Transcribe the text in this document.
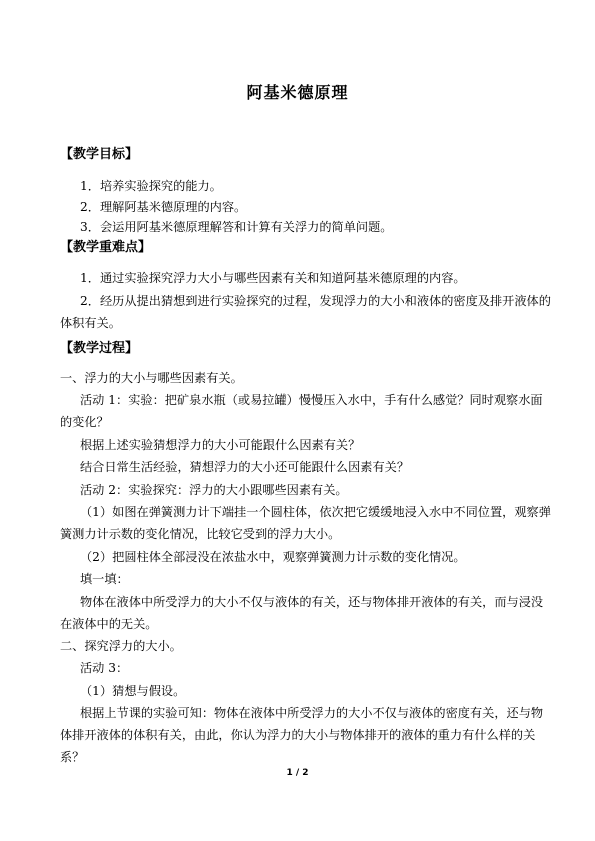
阿基米德原理
【教学目标】
1．培养实验探究的能力。
2．理解阿基米德原理的内容。
3．会运用阿基米德原理解答和计算有关浮力的简单问题。
【教学重难点】
1．通过实验探究浮力大小与哪些因素有关和知道阿基米德原理的内容。
2．经历从提出猜想到进行实验探究的过程，发现浮力的大小和液体的密度及排开液体的
体积有关。
【教学过程】
一、浮力的大小与哪些因素有关。
活动 1：实验：把矿泉水瓶（或易拉罐）慢慢压入水中，手有什么感觉？同时观察水面
的变化？
根据上述实验猜想浮力的大小可能跟什么因素有关？
结合日常生活经验，猜想浮力的大小还可能跟什么因素有关？
活动 2：实验探究：浮力的大小跟哪些因素有关。
（1）如图在弹簧测力计下端挂一个圆柱体，依次把它缓缓地浸入水中不同位置，观察弹
簧测力计示数的变化情况，比较它受到的浮力大小。
（2）把圆柱体全部浸没在浓盐水中，观察弹簧测力计示数的变化情况。
填一填：
物体在液体中所受浮力的大小不仅与液体的有关，还与物体排开液体的有关，而与浸没
在液体中的无关。
二、探究浮力的大小。
活动 3：
（1）猜想与假设。
根据上节课的实验可知：物体在液体中所受浮力的大小不仅与液体的密度有关，还与物
体排开液体的体积有关，由此，你认为浮力的大小与物体排开的液体的重力有什么样的关
系？
1 / 2
